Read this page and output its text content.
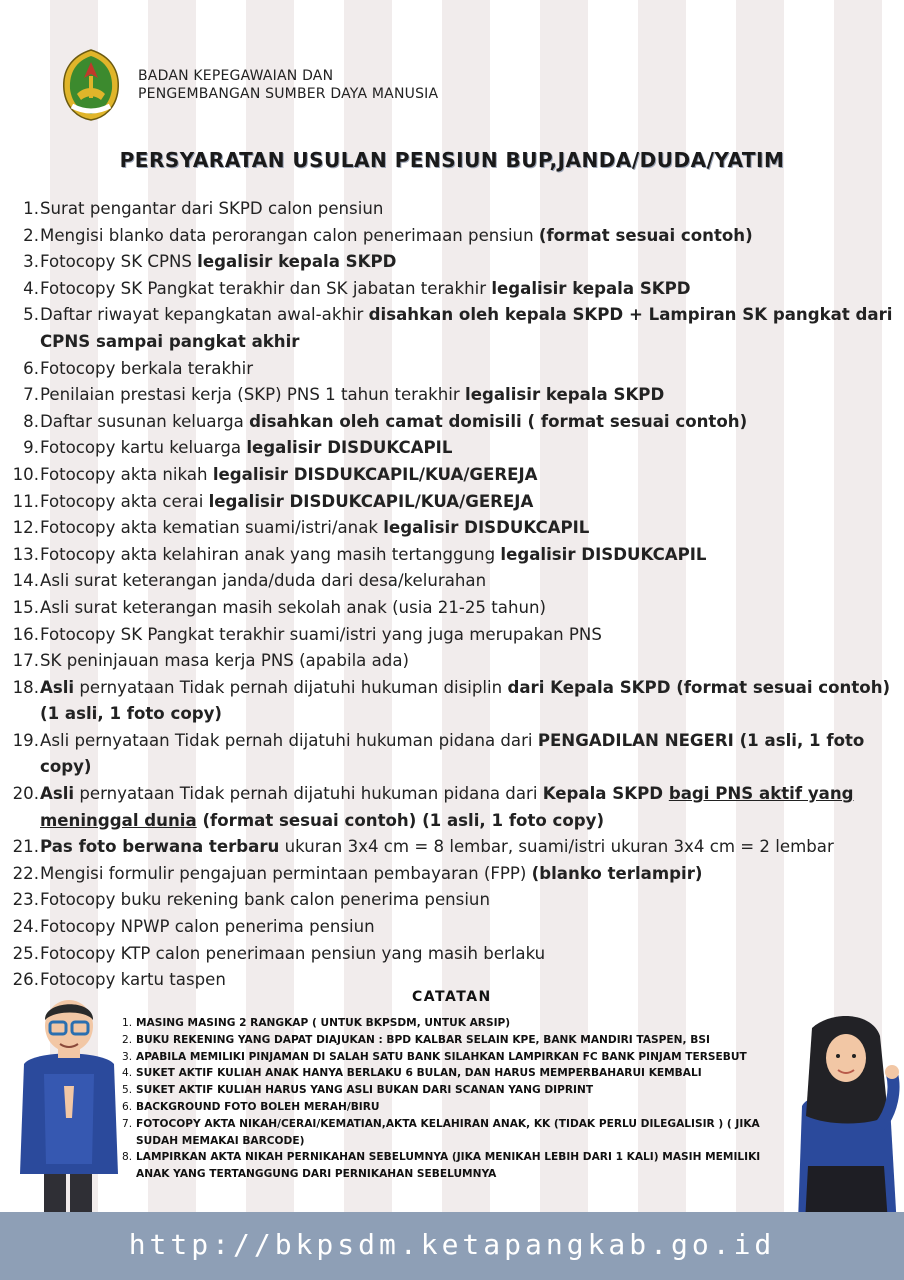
BADAN KEPEGAWAIAN DAN
PENGEMBANGAN SUMBER DAYA MANUSIA
PERSYARATAN USULAN PENSIUN BUP,JANDA/DUDA/YATIM
1. Surat pengantar dari SKPD calon pensiun
2. Mengisi blanko data perorangan calon penerimaan pensiun (format sesuai contoh)
3. Fotocopy SK CPNS legalisir kepala SKPD
4. Fotocopy SK Pangkat terakhir dan SK jabatan terakhir legalisir kepala SKPD
5. Daftar riwayat kepangkatan awal-akhir disahkan oleh kepala SKPD + Lampiran SK pangkat dari CPNS sampai pangkat akhir
6. Fotocopy berkala terakhir
7. Penilaian prestasi kerja (SKP) PNS 1 tahun terakhir legalisir kepala SKPD
8. Daftar susunan keluarga disahkan oleh camat domisili ( format sesuai contoh)
9. Fotocopy kartu keluarga legalisir DISDUKCAPIL
10. Fotocopy akta nikah legalisir DISDUKCAPIL/KUA/GEREJA
11. Fotocopy akta cerai legalisir DISDUKCAPIL/KUA/GEREJA
12. Fotocopy akta kematian suami/istri/anak legalisir DISDUKCAPIL
13. Fotocopy akta kelahiran anak yang masih tertanggung legalisir DISDUKCAPIL
14. Asli surat keterangan janda/duda dari desa/kelurahan
15. Asli surat keterangan masih sekolah anak (usia 21-25 tahun)
16. Fotocopy SK Pangkat terakhir suami/istri yang juga merupakan PNS
17. SK peninjauan masa kerja PNS (apabila ada)
18. Asli pernyataan Tidak pernah dijatuhi hukuman disiplin dari Kepala SKPD (format sesuai contoh) (1 asli, 1 foto copy)
19. Asli pernyataan Tidak pernah dijatuhi hukuman pidana dari PENGADILAN NEGERI (1 asli, 1 foto copy)
20. Asli pernyataan Tidak pernah dijatuhi hukuman pidana dari Kepala SKPD bagi PNS aktif yang meninggal dunia (format sesuai contoh) (1 asli, 1 foto copy)
21. Pas foto berwana terbaru ukuran 3x4 cm = 8 lembar, suami/istri ukuran 3x4 cm = 2 lembar
22. Mengisi formulir pengajuan permintaan pembayaran (FPP) (blanko terlampir)
23. Fotocopy buku rekening bank calon penerima pensiun
24. Fotocopy NPWP calon penerima pensiun
25. Fotocopy KTP calon penerimaan pensiun yang masih berlaku
26. Fotocopy kartu taspen
CATATAN
1. MASING MASING 2 RANGKAP ( UNTUK BKPSDM, UNTUK ARSIP)
2. BUKU REKENING YANG DAPAT DIAJUKAN : BPD KALBAR SELAIN KPE, BANK MANDIRI TASPEN, BSI
3. APABILA MEMILIKI PINJAMAN DI SALAH SATU BANK SILAHKAN LAMPIRKAN FC BANK PINJAM TERSEBUT
4. SUKET AKTIF KULIAH ANAK HANYA BERLAKU 6 BULAN, DAN HARUS MEMPERBAHARUI KEMBALI
5. SUKET AKTIF KULIAH HARUS YANG ASLI BUKAN DARI SCANAN YANG DIPRINT
6. BACKGROUND FOTO BOLEH MERAH/BIRU
7. FOTOCOPY AKTA NIKAH/CERAI/KEMATIAN,AKTA KELAHIRAN ANAK, KK (TIDAK PERLU DILEGALISIR ) ( JIKA SUDAH MEMAKAI BARCODE)
8. LAMPIRKAN AKTA NIKAH PERNIKAHAN SEBELUMNYA (JIKA MENIKAH LEBIH DARI 1 KALI) MASIH MEMILIKI ANAK YANG TERTANGGUNG DARI PERNIKAHAN SEBELUMNYA
http://bkpsdm.ketapangkab.go.id
